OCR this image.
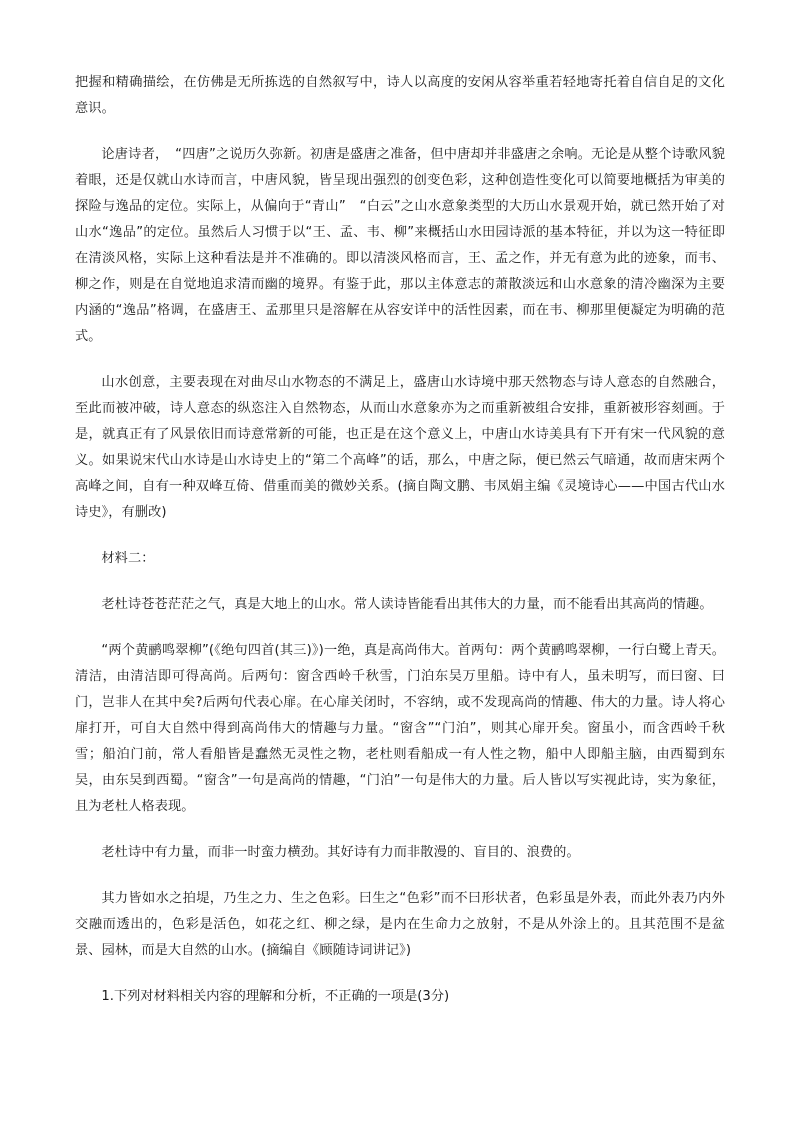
把握和精确描绘，在仿佛是无所拣选的自然叙写中，诗人以高度的安闲从容举重若轻地寄托着自信自足的文化意识。

论唐诗者，　“四唐”之说历久弥新。初唐是盛唐之准备，但中唐却并非盛唐之余响。无论是从整个诗歌风貌着眼，还是仅就山水诗而言，中唐风貌，皆呈现出强烈的创变色彩，这种创造性变化可以简要地概括为审美的探险与逸品的定位。实际上，从偏向于“青山”　“白云”之山水意象类型的大历山水景观开始，就已然开始了对山水“逸品”的定位。虽然后人习惯于以“王、孟、韦、柳”来概括山水田园诗派的基本特征，并以为这一特征即在清淡风格，实际上这种看法是并不准确的。即以清淡风格而言，王、孟之作，并无有意为此的迹象，而韦、柳之作，则是在自觉地追求清而幽的境界。有鉴于此，那以主体意志的萧散淡远和山水意象的清冷幽深为主要内涵的“逸品”格调，在盛唐王、孟那里只是溶解在从容安详中的活性因素，而在韦、柳那里便凝定为明确的范式。

山水创意，主要表现在对曲尽山水物态的不满足上，盛唐山水诗境中那天然物态与诗人意态的自然融合，至此而被冲破，诗人意态的纵恣注入自然物态，从而山水意象亦为之而重新被组合安排，重新被形容刻画。于是，就真正有了风景依旧而诗意常新的可能，也正是在这个意义上，中唐山水诗美具有下开有宋一代风貌的意义。如果说宋代山水诗是山水诗史上的“第二个高峰”的话，那么，中唐之际，便已然云气暗通，故而唐宋两个高峰之间，自有一种双峰互倚、借重而美的微妙关系。(摘自陶文鹏、韦凤娟主编《灵境诗心——中国古代山水诗史》，有删改)

材料二：

老杜诗苍苍茫茫之气，真是大地上的山水。常人读诗皆能看出其伟大的力量，而不能看出其高尚的情趣。

“两个黄鹂鸣翠柳”(《绝句四首(其三)》)一绝，真是高尚伟大。首两句：两个黄鹂鸣翠柳，一行白鹭上青天。清洁，由清洁即可得高尚。后两句：窗含西岭千秋雪，门泊东吴万里船。诗中有人，虽未明写，而曰窗、曰门，岂非人在其中矣?后两句代表心扉。在心扉关闭时，不容纳，或不发现高尚的情趣、伟大的力量。诗人将心扉打开，可自大自然中得到高尚伟大的情趣与力量。“窗含”“门泊”，则其心扉开矣。窗虽小，而含西岭千秋雪；船泊门前，常人看船皆是蠢然无灵性之物，老杜则看船成一有人性之物，船中人即船主脑，由西蜀到东吴，由东吴到西蜀。“窗含”一句是高尚的情趣，“门泊”一句是伟大的力量。后人皆以写实视此诗，实为象征，且为老杜人格表现。

老杜诗中有力量，而非一时蛮力横劲。其好诗有力而非散漫的、盲目的、浪费的。

其力皆如水之拍堤，乃生之力、生之色彩。曰生之“色彩”而不曰形状者，色彩虽是外表，而此外表乃内外交融而透出的，色彩是活色，如花之红、柳之绿，是内在生命力之放射，不是从外涂上的。且其范围不是盆景、园林，而是大自然的山水。(摘编自《顾随诗词讲记》)

1.下列对材料相关内容的理解和分析，不正确的一项是(3分)
